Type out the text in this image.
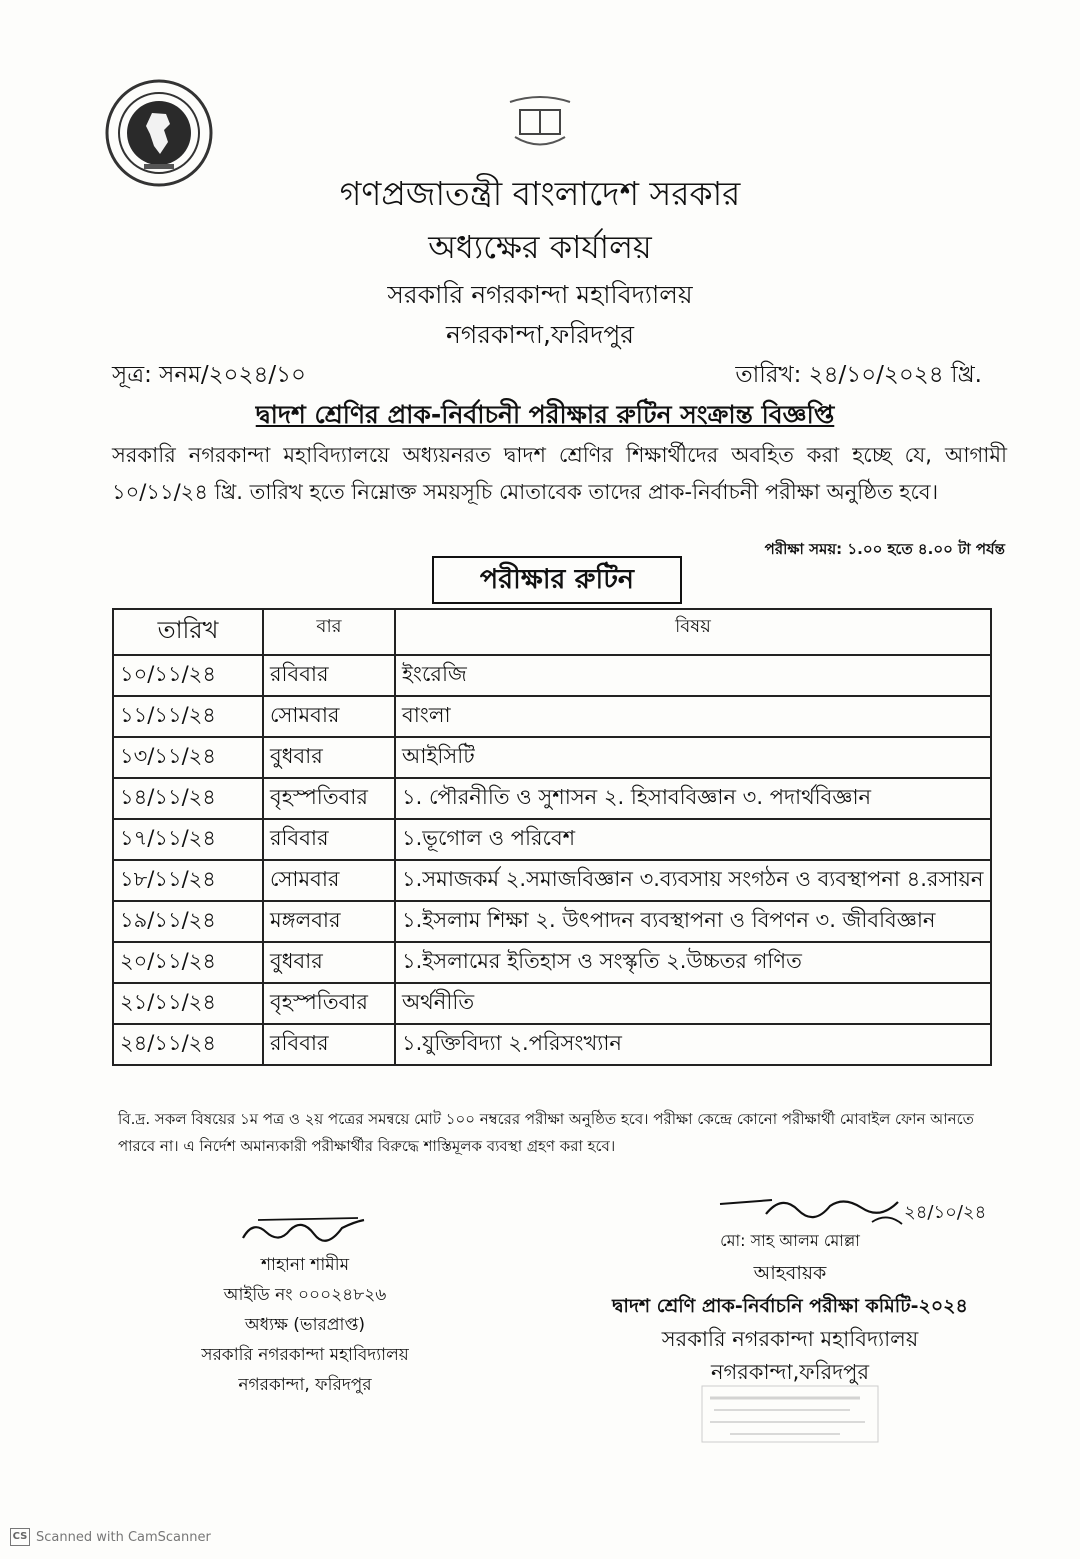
গণপ্রজাতন্ত্রী বাংলাদেশ সরকার
অধ্যক্ষের কার্যালয়
সরকারি নগরকান্দা মহাবিদ্যালয়
নগরকান্দা,ফরিদপুর
সূত্র: সনম/২০২৪/১০	তারিখ: ২৪/১০/২০২৪ খ্রি.
দ্বাদশ শ্রেণির প্রাক-নির্বাচনী পরীক্ষার রুটিন সংক্রান্ত বিজ্ঞপ্তি
সরকারি নগরকান্দা মহাবিদ্যালয়ে অধ্যয়নরত দ্বাদশ শ্রেণির শিক্ষার্থীদের অবহিত করা হচ্ছে যে, আগামী ১০/১১/২৪ খ্রি. তারিখ হতে নিম্নোক্ত সময়সূচি মোতাবেক তাদের প্রাক-নির্বাচনী পরীক্ষা অনুষ্ঠিত হবে।
পরীক্ষা সময়: ১.০০ হতে ৪.০০ টা পর্যন্ত
পরীক্ষার রুটিন
তারিখ	বার	বিষয়
১০/১১/২৪	রবিবার	ইংরেজি
১১/১১/২৪	সোমবার	বাংলা
১৩/১১/২৪	বুধবার	আইসিটি
১৪/১১/২৪	বৃহস্পতিবার	১. পৌরনীতি ও সুশাসন ২. হিসাববিজ্ঞান ৩. পদার্থবিজ্ঞান
১৭/১১/২৪	রবিবার	১.ভূগোল ও পরিবেশ
১৮/১১/২৪	সোমবার	১.সমাজকর্ম ২.সমাজবিজ্ঞান ৩.ব্যবসায় সংগঠন ও ব্যবস্থাপনা ৪.রসায়ন
১৯/১১/২৪	মঙ্গলবার	১.ইসলাম শিক্ষা ২. উৎপাদন ব্যবস্থাপনা ও বিপণন ৩. জীববিজ্ঞান
২০/১১/২৪	বুধবার	১.ইসলামের ইতিহাস ও সংস্কৃতি ২.উচ্চতর গণিত
২১/১১/২৪	বৃহস্পতিবার	অর্থনীতি
২৪/১১/২৪	রবিবার	১.যুক্তিবিদ্যা ২.পরিসংখ্যান
বি.দ্র. সকল বিষয়ের ১ম পত্র ও ২য় পত্রের সমন্বয়ে মোট ১০০ নম্বরের পরীক্ষা অনুষ্ঠিত হবে। পরীক্ষা কেন্দ্রে কোনো পরীক্ষার্থী মোবাইল ফোন আনতে পারবে না। এ নির্দেশ অমান্যকারী পরীক্ষার্থীর বিরুদ্ধে শাস্তিমূলক ব্যবস্থা গ্রহণ করা হবে।
শাহানা শামীম
আইডি নং ০০০২৪৮২৬
অধ্যক্ষ (ভারপ্রাপ্ত)
সরকারি নগরকান্দা মহাবিদ্যালয়
নগরকান্দা, ফরিদপুর
২৪/১০/২৪
মো: সাহ আলম মোল্লা
আহবায়ক
দ্বাদশ শ্রেণি প্রাক-নির্বাচনি পরীক্ষা কমিটি-২০২৪
সরকারি নগরকান্দা মহাবিদ্যালয়
নগরকান্দা,ফরিদপুর
CS Scanned with CamScanner
